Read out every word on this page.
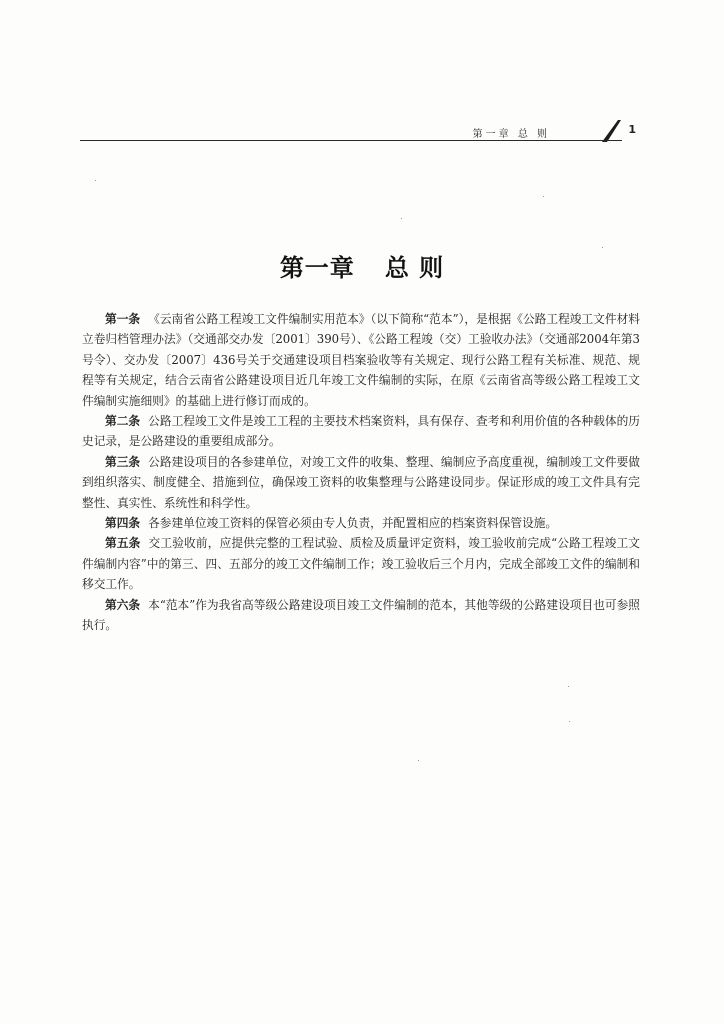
第一章 总 则	1
第一章 总 则

第一条 《云南省公路工程竣工文件编制实用范本》（以下简称“范本”），是根据《公路工程竣工文件材料立卷归档管理办法》（交通部交办发〔2001〕390号）、《公路工程竣（交）工验收办法》（交通部2004年第3号令）、交办发〔2007〕436号关于交通建设项目档案验收等有关规定、现行公路工程有关标准、规范、规程等有关规定，结合云南省公路建设项目近几年竣工文件编制的实际，在原《云南省高等级公路工程竣工文件编制实施细则》的基础上进行修订而成的。

第二条 公路工程竣工文件是竣工工程的主要技术档案资料，具有保存、查考和利用价值的各种载体的历史记录，是公路建设的重要组成部分。

第三条 公路建设项目的各参建单位，对竣工文件的收集、整理、编制应予高度重视，编制竣工文件要做到组织落实、制度健全、措施到位，确保竣工资料的收集整理与公路建设同步。保证形成的竣工文件具有完整性、真实性、系统性和科学性。

第四条 各参建单位竣工资料的保管必须由专人负责，并配置相应的档案资料保管设施。

第五条 交工验收前，应提供完整的工程试验、质检及质量评定资料，竣工验收前完成“公路工程竣工文件编制内容”中的第三、四、五部分的竣工文件编制工作；竣工验收后三个月内，完成全部竣工文件的编制和移交工作。

第六条 本“范本”作为我省高等级公路建设项目竣工文件编制的范本，其他等级的公路建设项目也可参照执行。
